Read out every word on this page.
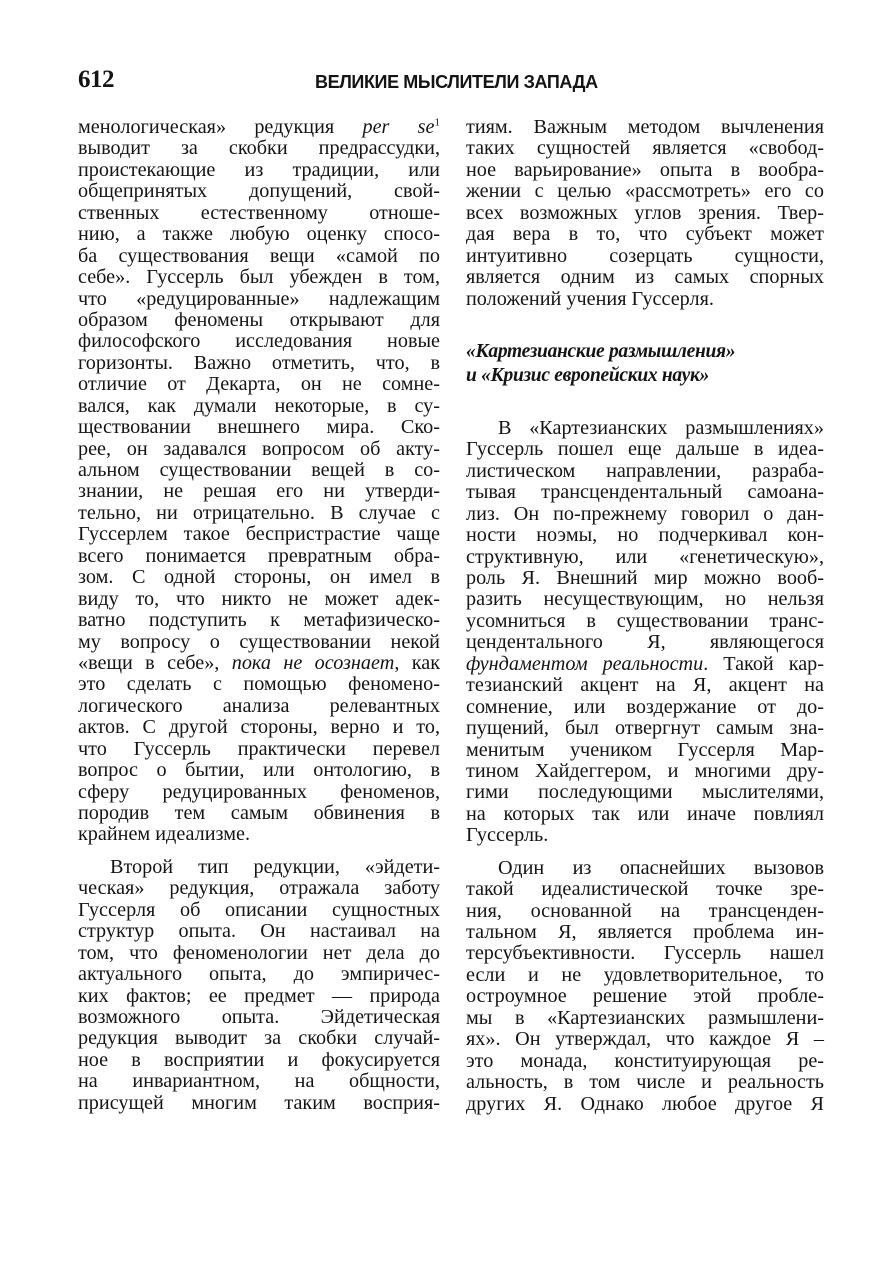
612	ВЕЛИКИЕ МЫСЛИТЕЛИ ЗАПАДА
менологическая» редукция per $se^1$
выводит за скобки предрассудки,
проистекающие из традиции, или
общепринятых допущений, свой-
ственных естественному отноше-
нию, а также любую оценку спосо-
ба существования вещи «самой по
себе». Гуссерль был убежден в том,
что «редуцированные» надлежащим
образом феномены открывают для
философского исследования новые
горизонты. Важно отметить, что, в
отличие от Декарта, он не сомне-
вался, как думали некоторые, в су-
ществовании внешнего мира. Ско-
рее, он задавался вопросом об акту-
альном существовании вещей в со-
знании, не решая его ни утверди-
тельно, ни отрицательно. В случае с
Гуссерлем такое беспристрастие чаще
всего понимается превратным обра-
зом. С одной стороны, он имел в
виду то, что никто не может адек-
ватно подступить к метафизическо-
му вопросу о существовании некой
«вещи в себе», пока не осознает, как
это сделать с помощью феномено-
логического анализа релевантных
актов. С другой стороны, верно и то,
что Гуссерль практически перевел
вопрос о бытии, или онтологию, в
сферу редуцированных феноменов,
породив тем самым обвинения в
крайнем идеализме.
Второй тип редукции, «эйдети-
ческая» редукция, отражала заботу
Гуссерля об описании сущностных
структур опыта. Он настаивал на
том, что феноменологии нет дела до
актуального опыта, до эмпиричес-
ких фактов; ее предмет — природа
возможного опыта. Эйдетическая
редукция выводит за скобки случай-
ное в восприятии и фокусируется
на инвариантном, на общности,
присущей многим таким восприя-
тиям. Важным методом вычленения
таких сущностей является «свобод-
ное варьирование» опыта в вообра-
жении с целью «рассмотреть» его со
всех возможных углов зрения. Твер-
дая вера в то, что субъект может
интуитивно созерцать сущности,
является одним из самых спорных
положений учения Гуссерля.
«Картезианские размышления»
и «Кризис европейских наук»
В «Картезианских размышлениях»
Гуссерль пошел еще дальше в идеа-
листическом направлении, разраба-
тывая трансцендентальный самоана-
лиз. Он по-прежнему говорил о дан-
ности ноэмы, но подчеркивал кон-
структивную, или «генетическую»,
роль Я. Внешний мир можно вооб-
разить несуществующим, но нельзя
усомниться в существовании транс-
цендентального Я, являющегося
фундаментом реальности. Такой кар-
тезианский акцент на Я, акцент на
сомнение, или воздержание от до-
пущений, был отвергнут самым зна-
менитым учеником Гуссерля Мар-
тином Хайдеггером, и многими дру-
гими последующими мыслителями,
на которых так или иначе повлиял
Гуссерль.
Один из опаснейших вызовов
такой идеалистической точке зре-
ния, основанной на трансценден-
тальном Я, является проблема ин-
терсубъективности. Гуссерль нашел
если и не удовлетворительное, то
остроумное решение этой пробле-
мы в «Картезианских размышлени-
ях». Он утверждал, что каждое Я –
это монада, конституирующая ре-
альность, в том числе и реальность
других Я. Однако любое другое Я
